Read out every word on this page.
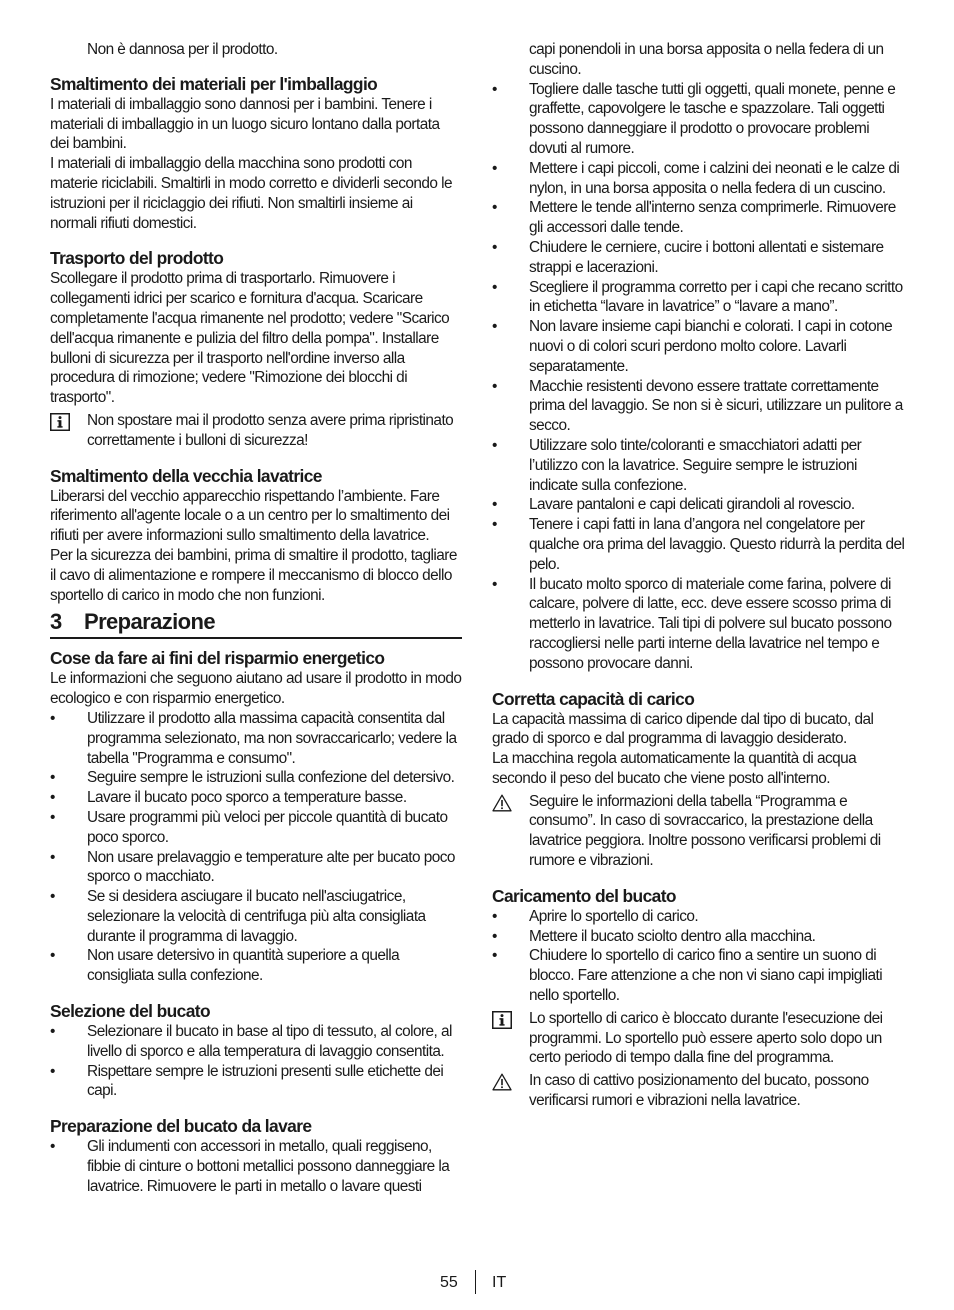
Non è dannosa per il prodotto.

Smaltimento dei materiali per l'imballaggio

I materiali di imballaggio sono dannosi per i bambini. Tenere i materiali di imballaggio in un luogo sicuro lontano dalla portata dei bambini.

I materiali di imballaggio della macchina sono prodotti con materie riciclabili. Smaltirli in modo corretto e dividerli secondo le istruzioni per il riciclaggio dei rifiuti. Non smaltirli insieme ai normali rifiuti domestici.

Trasporto del prodotto

Scollegare il prodotto prima di trasportarlo. Rimuovere i collegamenti idrici per scarico e fornitura d'acqua. Scaricare completamente l'acqua rimanente nel prodotto; vedere "Scarico dell'acqua rimanente e pulizia del filtro della pompa". Installare bulloni di sicurezza per il trasporto nell'ordine inverso alla procedura di rimozione; vedere "Rimozione dei blocchi di trasporto".

Non spostare mai il prodotto senza avere prima ripristinato correttamente i bulloni di sicurezza!

Smaltimento della vecchia lavatrice

Liberarsi del vecchio apparecchio rispettando l’ambiente. Fare riferimento all'agente locale o a un centro per lo smaltimento dei rifiuti per avere informazioni sullo smaltimento della lavatrice.

Per la sicurezza dei bambini, prima di smaltire il prodotto, tagliare il cavo di alimentazione e rompere il meccanismo di blocco dello sportello di carico in modo che non funzioni.

3	Preparazione
Cose da fare ai fini del risparmio energetico

Le informazioni che seguono aiutano ad usare il prodotto in modo ecologico e con risparmio energetico.

• Utilizzare il prodotto alla massima capacità consentita dal programma selezionato, ma non sovraccaricarlo; vedere la tabella "Programma e consumo".
• Seguire sempre le istruzioni sulla confezione del detersivo.
• Lavare il bucato poco sporco a temperature basse.
• Usare programmi più veloci per piccole quantità di bucato poco sporco.
• Non usare prelavaggio e temperature alte per bucato poco sporco o macchiato.
• Se si desidera asciugare il bucato nell'asciugatrice, selezionare la velocità di centrifuga più alta consigliata durante il programma di lavaggio.
• Non usare detersivo in quantità superiore a quella consigliata sulla confezione.
Selezione del bucato
• Selezionare il bucato in base al tipo di tessuto, al colore, al livello di sporco e alla temperatura di lavaggio consentita.
• Rispettare sempre le istruzioni presenti sulle etichette dei capi.
Preparazione del bucato da lavare
• Gli indumenti con accessori in metallo, quali reggiseno, fibbie di cinture o bottoni metallici possono danneggiare la lavatrice. Rimuovere le parti in metallo o lavare questi

capi ponendoli in una borsa apposita o nella federa di un cuscino.

• Togliere dalle tasche tutti gli oggetti, quali monete, penne e graffette, capovolgere le tasche e spazzolare. Tali oggetti possono danneggiare il prodotto o provocare problemi dovuti al rumore.
• Mettere i capi piccoli, come i calzini dei neonati e le calze di nylon, in una borsa apposita o nella federa di un cuscino.
• Mettere le tende all'interno senza comprimerle. Rimuovere gli accessori dalle tende.
• Chiudere le cerniere, cucire i bottoni allentati e sistemare strappi e lacerazioni.
• Scegliere il programma corretto per i capi che recano scritto in etichetta “lavare in lavatrice” o “lavare a mano”.
• Non lavare insieme capi bianchi e colorati. I capi in cotone nuovi o di colori scuri perdono molto colore. Lavarli separatamente.
• Macchie resistenti devono essere trattate correttamente prima del lavaggio. Se non si è sicuri, utilizzare un pulitore a secco.
• Utilizzare solo tinte/coloranti e smacchiatori adatti per l’utilizzo con la lavatrice. Seguire sempre le istruzioni indicate sulla confezione.
• Lavare pantaloni e capi delicati girandoli al rovescio.
• Tenere i capi fatti in lana d’angora nel congelatore per qualche ora prima del lavaggio. Questo ridurrà la perdita del pelo.
• Il bucato molto sporco di materiale come farina, polvere di calcare, polvere di latte, ecc. deve essere scosso prima di metterlo in lavatrice. Tali tipi di polvere sul bucato possono raccogliersi nelle parti interne della lavatrice nel tempo e possono provocare danni.
Corretta capacità di carico

La capacità massima di carico dipende dal tipo di bucato, dal grado di sporco e dal programma di lavaggio desiderato.

La macchina regola automaticamente la quantità di acqua secondo il peso del bucato che viene posto all'interno.

Seguire le informazioni della tabella “Programma e consumo”. In caso di sovraccarico, la prestazione della lavatrice peggiora. Inoltre possono verificarsi problemi di rumore e vibrazioni.

Caricamento del bucato
• Aprire lo sportello di carico.
• Mettere il bucato sciolto dentro alla macchina.
• Chiudere lo sportello di carico fino a sentire un suono di blocco. Fare attenzione a che non vi siano capi impigliati nello sportello.

Lo sportello di carico è bloccato durante l'esecuzione dei programmi. Lo sportello può essere aperto solo dopo un certo periodo di tempo dalla fine del programma.

In caso di cattivo posizionamento del bucato, possono verificarsi rumori e vibrazioni nella lavatrice.

55 IT
